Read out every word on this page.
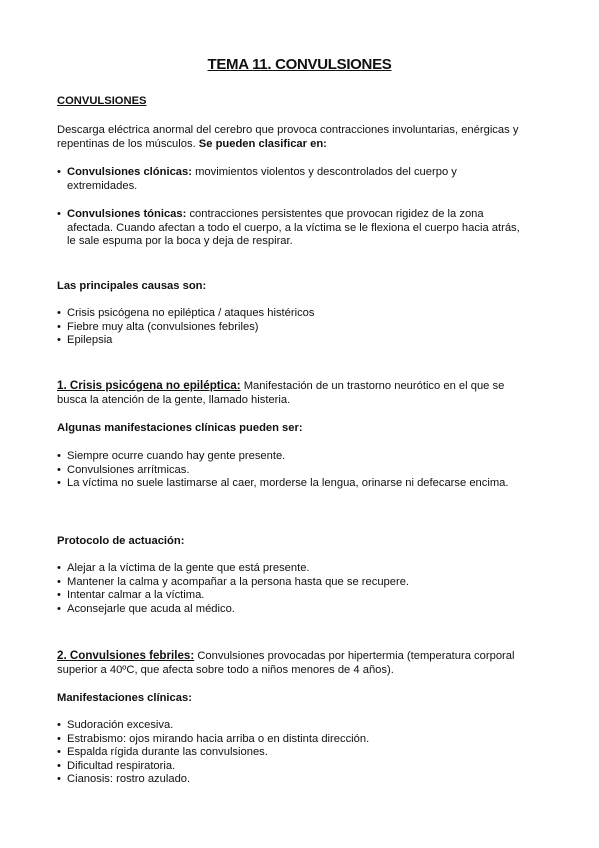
TEMA 11. CONVULSIONES
CONVULSIONES

Descarga eléctrica anormal del cerebro que provoca contracciones involuntarias, enérgicas y repentinas de los músculos. Se pueden clasificar en:

• Convulsiones clónicas: movimientos violentos y descontrolados del cuerpo y extremidades.
• Convulsiones tónicas: contracciones persistentes que provocan rigidez de la zona afectada. Cuando afectan a todo el cuerpo, a la víctima se le flexiona el cuerpo hacia atrás, le sale espuma por la boca y deja de respirar.
Las principales causas son:
• Crisis psicógena no epiléptica / ataques histéricos
• Fiebre muy alta (convulsiones febriles)
• Epilepsia

1. Crisis psicógena no epiléptica: Manifestación de un trastorno neurótico en el que se busca la atención de la gente, llamado histeria.

Algunas manifestaciones clínicas pueden ser:
• Siempre ocurre cuando hay gente presente.
• Convulsiones arrítmicas.
• La víctima no suele lastimarse al caer, morderse la lengua, orinarse ni defecarse encima.
Protocolo de actuación:
• Alejar a la víctima de la gente que está presente.
• Mantener la calma y acompañar a la persona hasta que se recupere.
• Intentar calmar a la víctima.
• Aconsejarle que acuda al médico.

2. Convulsiones febriles: Convulsiones provocadas por hipertermia (temperatura corporal superior a 40ºC, que afecta sobre todo a niños menores de 4 años).

Manifestaciones clínicas:
• Sudoración excesiva.
• Estrabismo: ojos mirando hacia arriba o en distinta dirección.
• Espalda rígida durante las convulsiones.
• Dificultad respiratoria.
• Cianosis: rostro azulado.
